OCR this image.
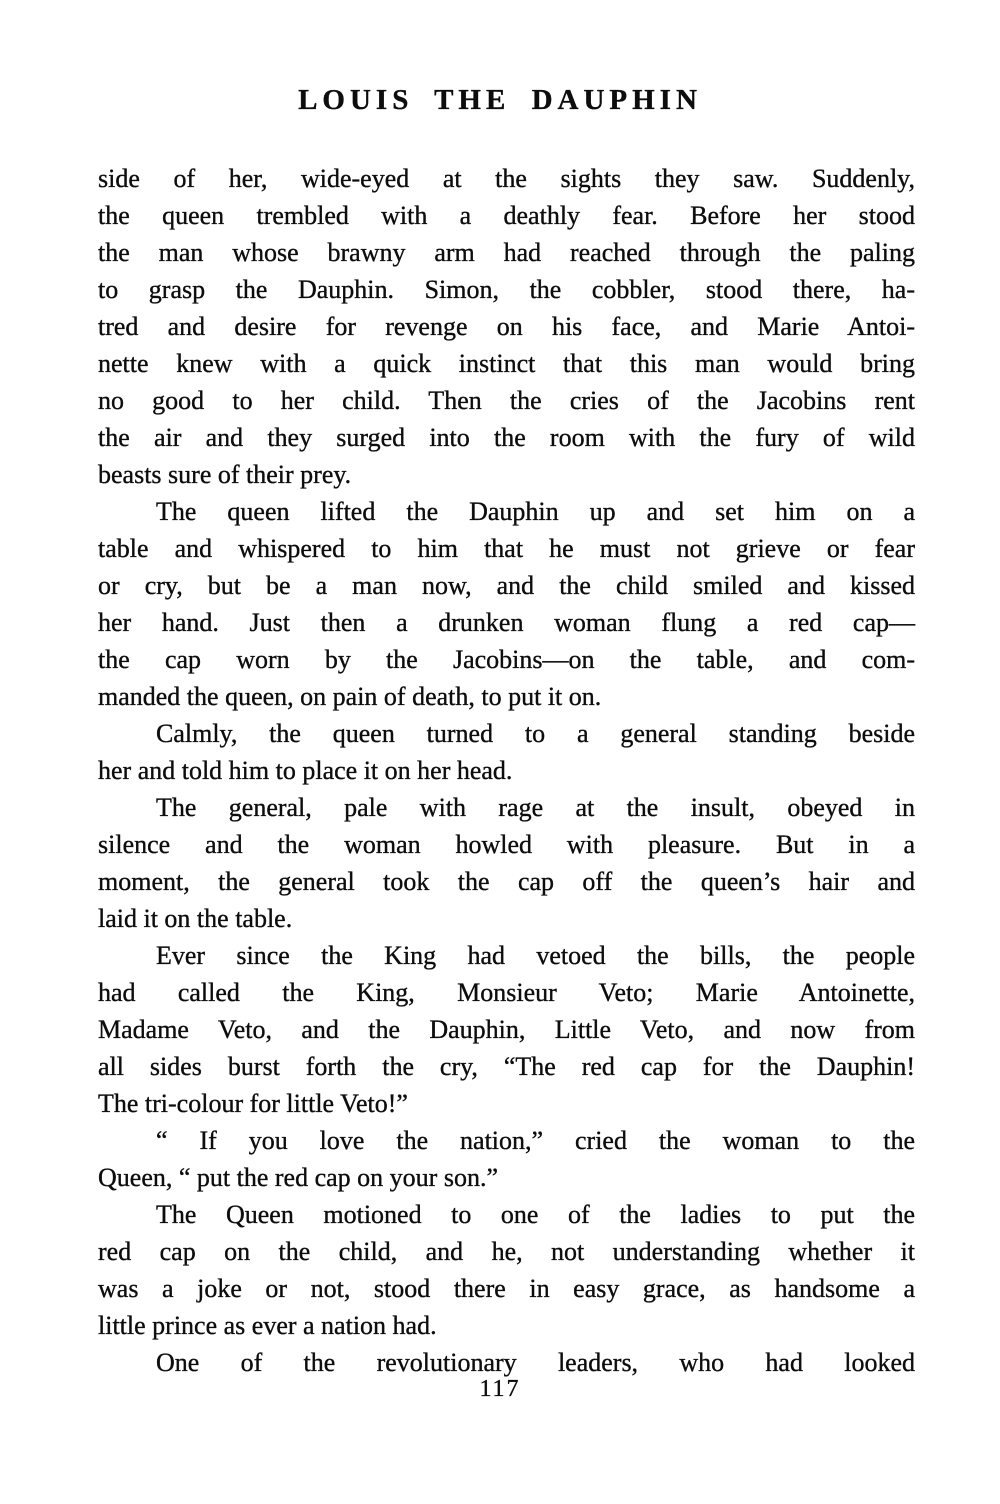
LOUIS THE DAUPHIN
side of her, wide-eyed at the sights they saw. Suddenly,
the queen trembled with a deathly fear. Before her stood
the man whose brawny arm had reached through the paling
to grasp the Dauphin. Simon, the cobbler, stood there, ha-
tred and desire for revenge on his face, and Marie Antoi-
nette knew with a quick instinct that this man would bring
no good to her child. Then the cries of the Jacobins rent
the air and they surged into the room with the fury of wild
beasts sure of their prey.
The queen lifted the Dauphin up and set him on a
table and whispered to him that he must not grieve or fear
or cry, but be a man now, and the child smiled and kissed
her hand. Just then a drunken woman flung a red cap—
the cap worn by the Jacobins—on the table, and com-
manded the queen, on pain of death, to put it on.
Calmly, the queen turned to a general standing beside
her and told him to place it on her head.
The general, pale with rage at the insult, obeyed in
silence and the woman howled with pleasure. But in a
moment, the general took the cap off the queen’s hair and
laid it on the table.
Ever since the King had vetoed the bills, the people
had called the King, Monsieur Veto; Marie Antoinette,
Madame Veto, and the Dauphin, Little Veto, and now from
all sides burst forth the cry, “The red cap for the Dauphin!
The tri-colour for little Veto!”
“ If you love the nation,” cried the woman to the
Queen, “ put the red cap on your son.”
The Queen motioned to one of the ladies to put the
red cap on the child, and he, not understanding whether it
was a joke or not, stood there in easy grace, as handsome a
little prince as ever a nation had.
One of the revolutionary leaders, who had looked
117
